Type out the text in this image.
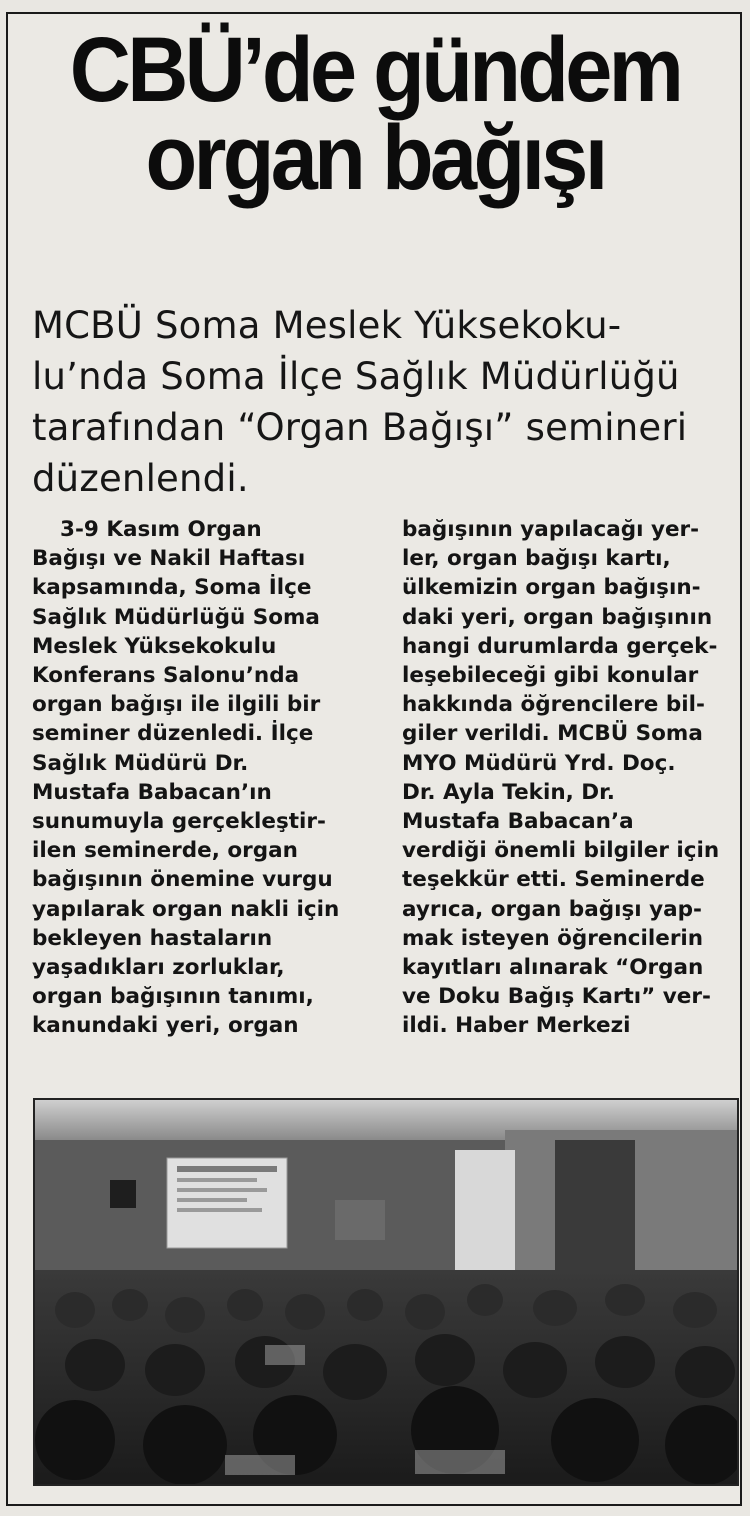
CBÜ’de gündem
organ bağışı
MCBÜ Soma Meslek Yüksekoku-
lu’nda Soma İlçe Sağlık Müdürlüğü
tarafından “Organ Bağışı” semineri
düzenlendi.
3-9 Kasım Organ
Bağışı ve Nakil Haftası
kapsamında, Soma İlçe
Sağlık Müdürlüğü Soma
Meslek Yüksekokulu
Konferans Salonu’nda
organ bağışı ile ilgili bir
seminer düzenledi. İlçe
Sağlık Müdürü Dr.
Mustafa Babacan’ın
sunumuyla gerçekleştir-
ilen seminerde, organ
bağışının önemine vurgu
yapılarak organ nakli için
bekleyen hastaların
yaşadıkları zorluklar,
organ bağışının tanımı,
kanundaki yeri, organ
bağışının yapılacağı yer-
ler, organ bağışı kartı,
ülkemizin organ bağışın-
daki yeri, organ bağışının
hangi durumlarda gerçek-
leşebileceği gibi konular
hakkında öğrencilere bil-
giler verildi. MCBÜ Soma
MYO Müdürü Yrd. Doç.
Dr. Ayla Tekin, Dr.
Mustafa Babacan’a
verdiği önemli bilgiler için
teşekkür etti. Seminerde
ayrıca, organ bağışı yap-
mak isteyen öğrencilerin
kayıtları alınarak “Organ
ve Doku Bağış Kartı” ver-
ildi. Haber Merkezi
